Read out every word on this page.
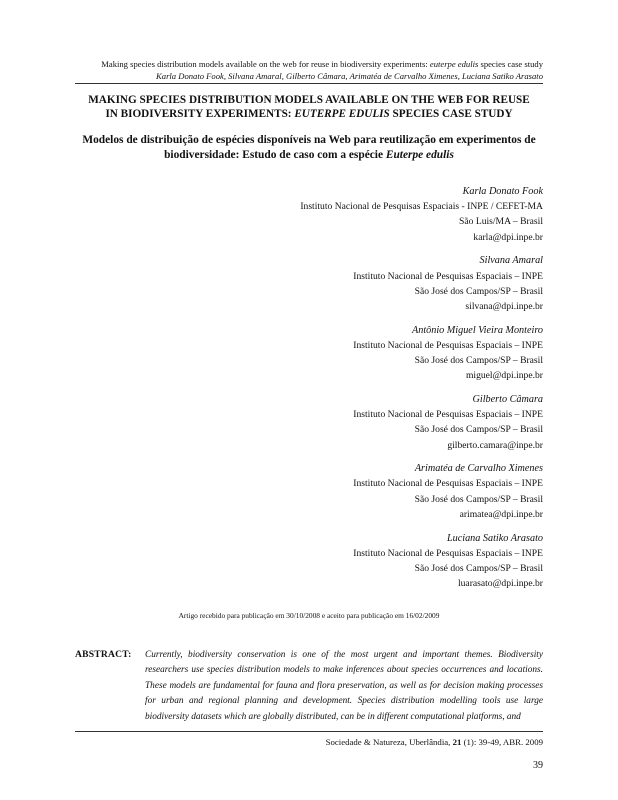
Making species distribution models available on the web for reuse in biodiversity experiments: euterpe edulis species case study
Karla Donato Fook, Silvana Amaral, Gilberto Câmara, Arimatéa de Carvalho Ximenes, Luciana Satiko Arasato
MAKING SPECIES DISTRIBUTION MODELS AVAILABLE ON THE WEB FOR REUSE
IN BIODIVERSITY EXPERIMENTS: EUTERPE EDULIS SPECIES CASE STUDY
Modelos de distribuição de espécies disponíveis na Web para reutilização em experimentos de
biodiversidade: Estudo de caso com a espécie Euterpe edulis
Karla Donato Fook
Instituto Nacional de Pesquisas Espaciais - INPE / CEFET-MA
São Luis/MA – Brasil
karla@dpi.inpe.br
Silvana Amaral
Instituto Nacional de Pesquisas Espaciais – INPE
São José dos Campos/SP – Brasil
silvana@dpi.inpe.br
Antônio Miguel Vieira Monteiro
Instituto Nacional de Pesquisas Espaciais – INPE
São José dos Campos/SP – Brasil
miguel@dpi.inpe.br
Gilberto Câmara
Instituto Nacional de Pesquisas Espaciais – INPE
São José dos Campos/SP – Brasil
gilberto.camara@inpe.br
Arimatéa de Carvalho Ximenes
Instituto Nacional de Pesquisas Espaciais – INPE
São José dos Campos/SP – Brasil
arimatea@dpi.inpe.br
Luciana Satiko Arasato
Instituto Nacional de Pesquisas Espaciais – INPE
São José dos Campos/SP – Brasil
luarasato@dpi.inpe.br
Artigo recebido para publicação em 30/10/2008 e aceito para publicação em 16/02/2009
ABSTRACT: Currently, biodiversity conservation is one of the most urgent and important themes. Biodiversity researchers use species distribution models to make inferences about species occurrences and locations. These models are fundamental for fauna and flora preservation, as well as for decision making processes for urban and regional planning and development. Species distribution modelling tools use large biodiversity datasets which are globally distributed, can be in different computational platforms, and
Sociedade & Natureza, Uberlândia, 21 (1): 39-49, ABR. 2009
39
